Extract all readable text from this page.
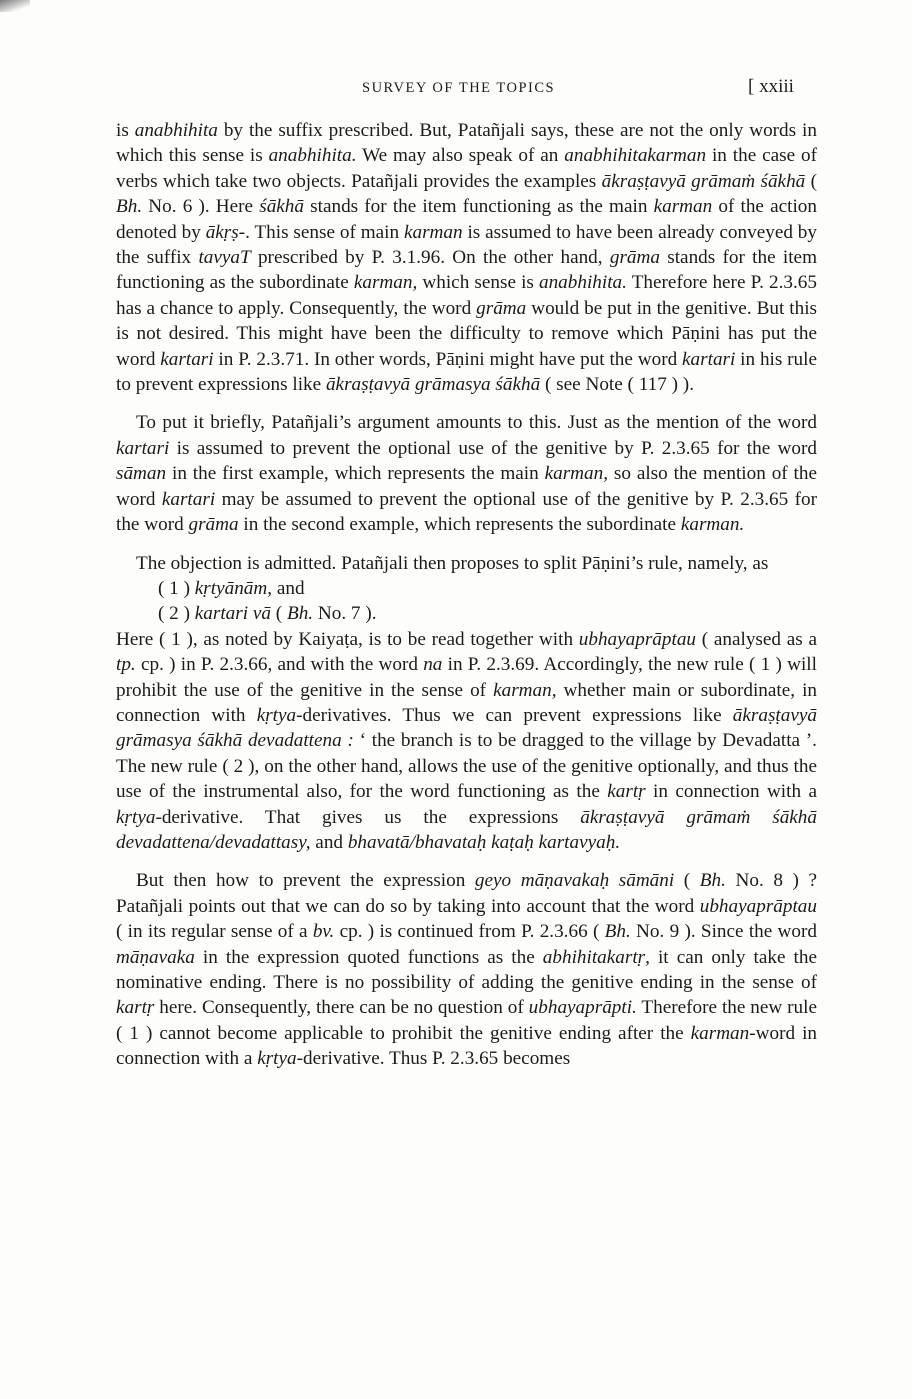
SURVEY OF THE TOPICS	[ xxiii

is anabhihita by the suffix prescribed. But, Patañjali says, these are not the only words in which this sense is anabhihita. We may also speak of an anabhihitakarman in the case of verbs which take two objects. Patañjali provides the examples ākraṣṭavyā grāmaṁ śākhā ( Bh. No. 6 ). Here śākhā stands for the item functioning as the main karman of the action denoted by ākṛṣ-. This sense of main karman is assumed to have been already conveyed by the suffix tavyaT prescribed by P. 3.1.96. On the other hand, grāma stands for the item functioning as the subordinate karman, which sense is anabhihita. Therefore here P. 2.3.65 has a chance to apply. Consequently, the word grāma would be put in the genitive. But this is not desired. This might have been the difficulty to remove which Pāṇini has put the word kartari in P. 2.3.71. In other words, Pāṇini might have put the word kartari in his rule to prevent expressions like ākraṣṭavyā grāmasya śākhā ( see Note ( 117 ) ).

To put it briefly, Patañjali’s argument amounts to this. Just as the mention of the word kartari is assumed to prevent the optional use of the genitive by P. 2.3.65 for the word sāman in the first example, which represents the main karman, so also the mention of the word kartari may be assumed to prevent the optional use of the genitive by P. 2.3.65 for the word grāma in the second example, which represents the subordinate karman.

The objection is admitted. Patañjali then proposes to split Pāṇini’s rule, namely, as

( 1 ) kṛtyānām, and

( 2 ) kartari vā ( Bh. No. 7 ).

Here ( 1 ), as noted by Kaiyaṭa, is to be read together with ubhayaprāptau ( analysed as a tp. cp. ) in P. 2.3.66, and with the word na in P. 2.3.69. Accordingly, the new rule ( 1 ) will prohibit the use of the genitive in the sense of karman, whether main or subordinate, in connection with kṛtya-derivatives. Thus we can prevent expressions like ākraṣṭavyā grāmasya śākhā devadattena : ‘ the branch is to be dragged to the village by Devadatta ’. The new rule ( 2 ), on the other hand, allows the use of the genitive optionally, and thus the use of the instrumental also, for the word functioning as the kartṛ in connection with a kṛtya-derivative. That gives us the expressions ākraṣṭavyā grāmaṁ śākhā devadattena/devadattasy, and bhavatā/bhavataḥ kaṭaḥ kartavyaḥ.

But then how to prevent the expression geyo māṇavakaḥ sāmāni ( Bh. No. 8 ) ? Patañjali points out that we can do so by taking into account that the word ubhayaprāptau ( in its regular sense of a bv. cp. ) is continued from P. 2.3.66 ( Bh. No. 9 ). Since the word māṇavaka in the expression quoted functions as the abhihitakartṛ, it can only take the nominative ending. There is no possibility of adding the genitive ending in the sense of kartṛ here. Consequently, there can be no question of ubhayaprāpti. Therefore the new rule ( 1 ) cannot become applicable to prohibit the genitive ending after the karman-word in connection with a kṛtya-derivative. Thus P. 2.3.65 becomes
